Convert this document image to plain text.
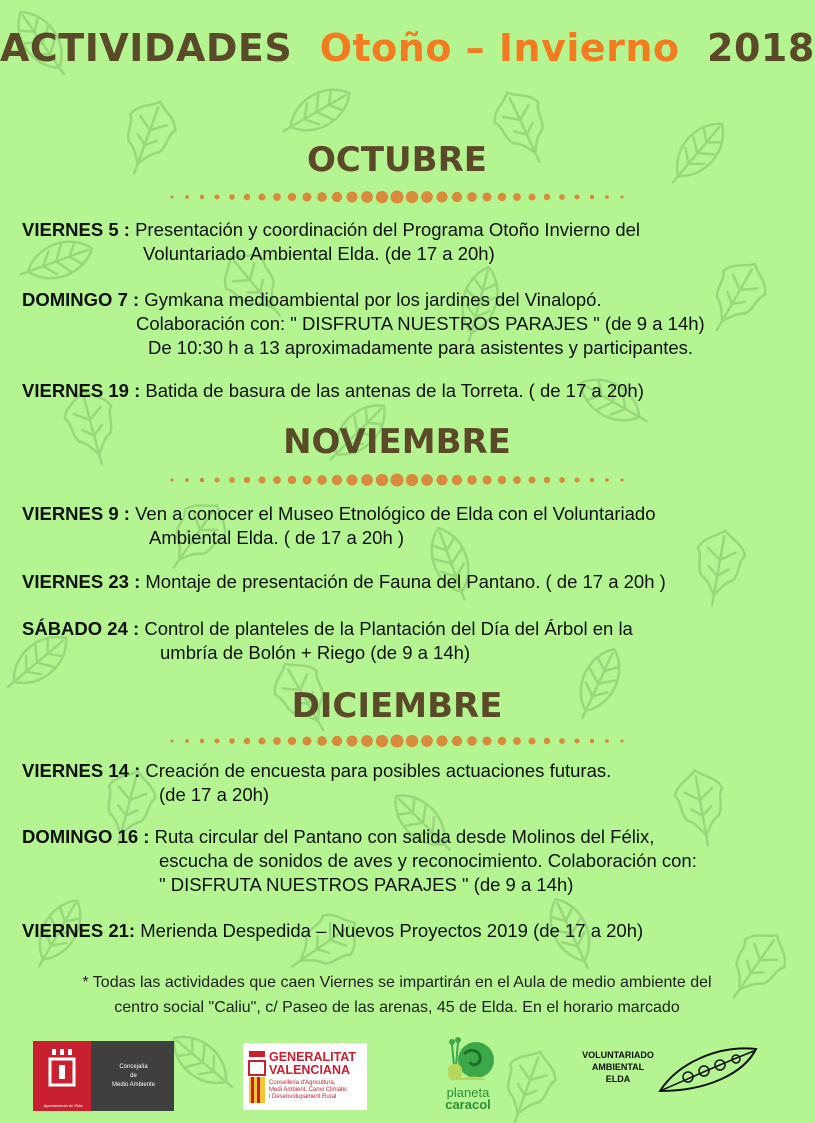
ACTIVIDADES Otoño – Invierno 2018
OCTUBRE
VIERNES 5 : Presentación y coordinación del Programa Otoño Invierno del
Voluntariado Ambiental Elda. (de 17 a 20h)
DOMINGO 7 : Gymkana medioambiental por los jardines del Vinalopó.
Colaboración con: " DISFRUTA NUESTROS PARAJES " (de 9 a 14h)
De 10:30 h a 13 aproximadamente para asistentes y participantes.
VIERNES 19 : Batida de basura de las antenas de la Torreta. ( de 17 a 20h)
NOVIEMBRE
VIERNES 9 : Ven a conocer el Museo Etnológico de Elda con el Voluntariado
Ambiental Elda. ( de 17 a 20h )
VIERNES 23 : Montaje de presentación de Fauna del Pantano. ( de 17 a 20h )
SÁBADO 24 : Control de planteles de la Plantación del Día del Árbol en la
umbría de Bolón + Riego (de 9 a 14h)
DICIEMBRE
VIERNES 14 : Creación de encuesta para posibles actuaciones futuras.
(de 17 a 20h)
DOMINGO 16 : Ruta circular del Pantano con salida desde Molinos del Félix,
escucha de sonidos de aves y reconocimiento. Colaboración con:
" DISFRUTA NUESTROS PARAJES " (de 9 a 14h)
VIERNES 21: Merienda Despedida – Nuevos Proyectos 2019 (de 17 a 20h)
* Todas las actividades que caen Viernes se impartirán en el Aula de medio ambiente del
centro social "Caliu", c/ Paseo de las arenas, 45 de Elda. En el horario marcado
Ayuntamiento de Elda
Concejalía
de
Medio Ambiente
GENERALITAT
VALENCIANA
Conselleria d'Agricultura,
Medi Ambient, Canvi Climàtic
i Desenvolupament Rural	planeta
caracol
VOLUNTARIADO
AMBIENTAL
ELDA
